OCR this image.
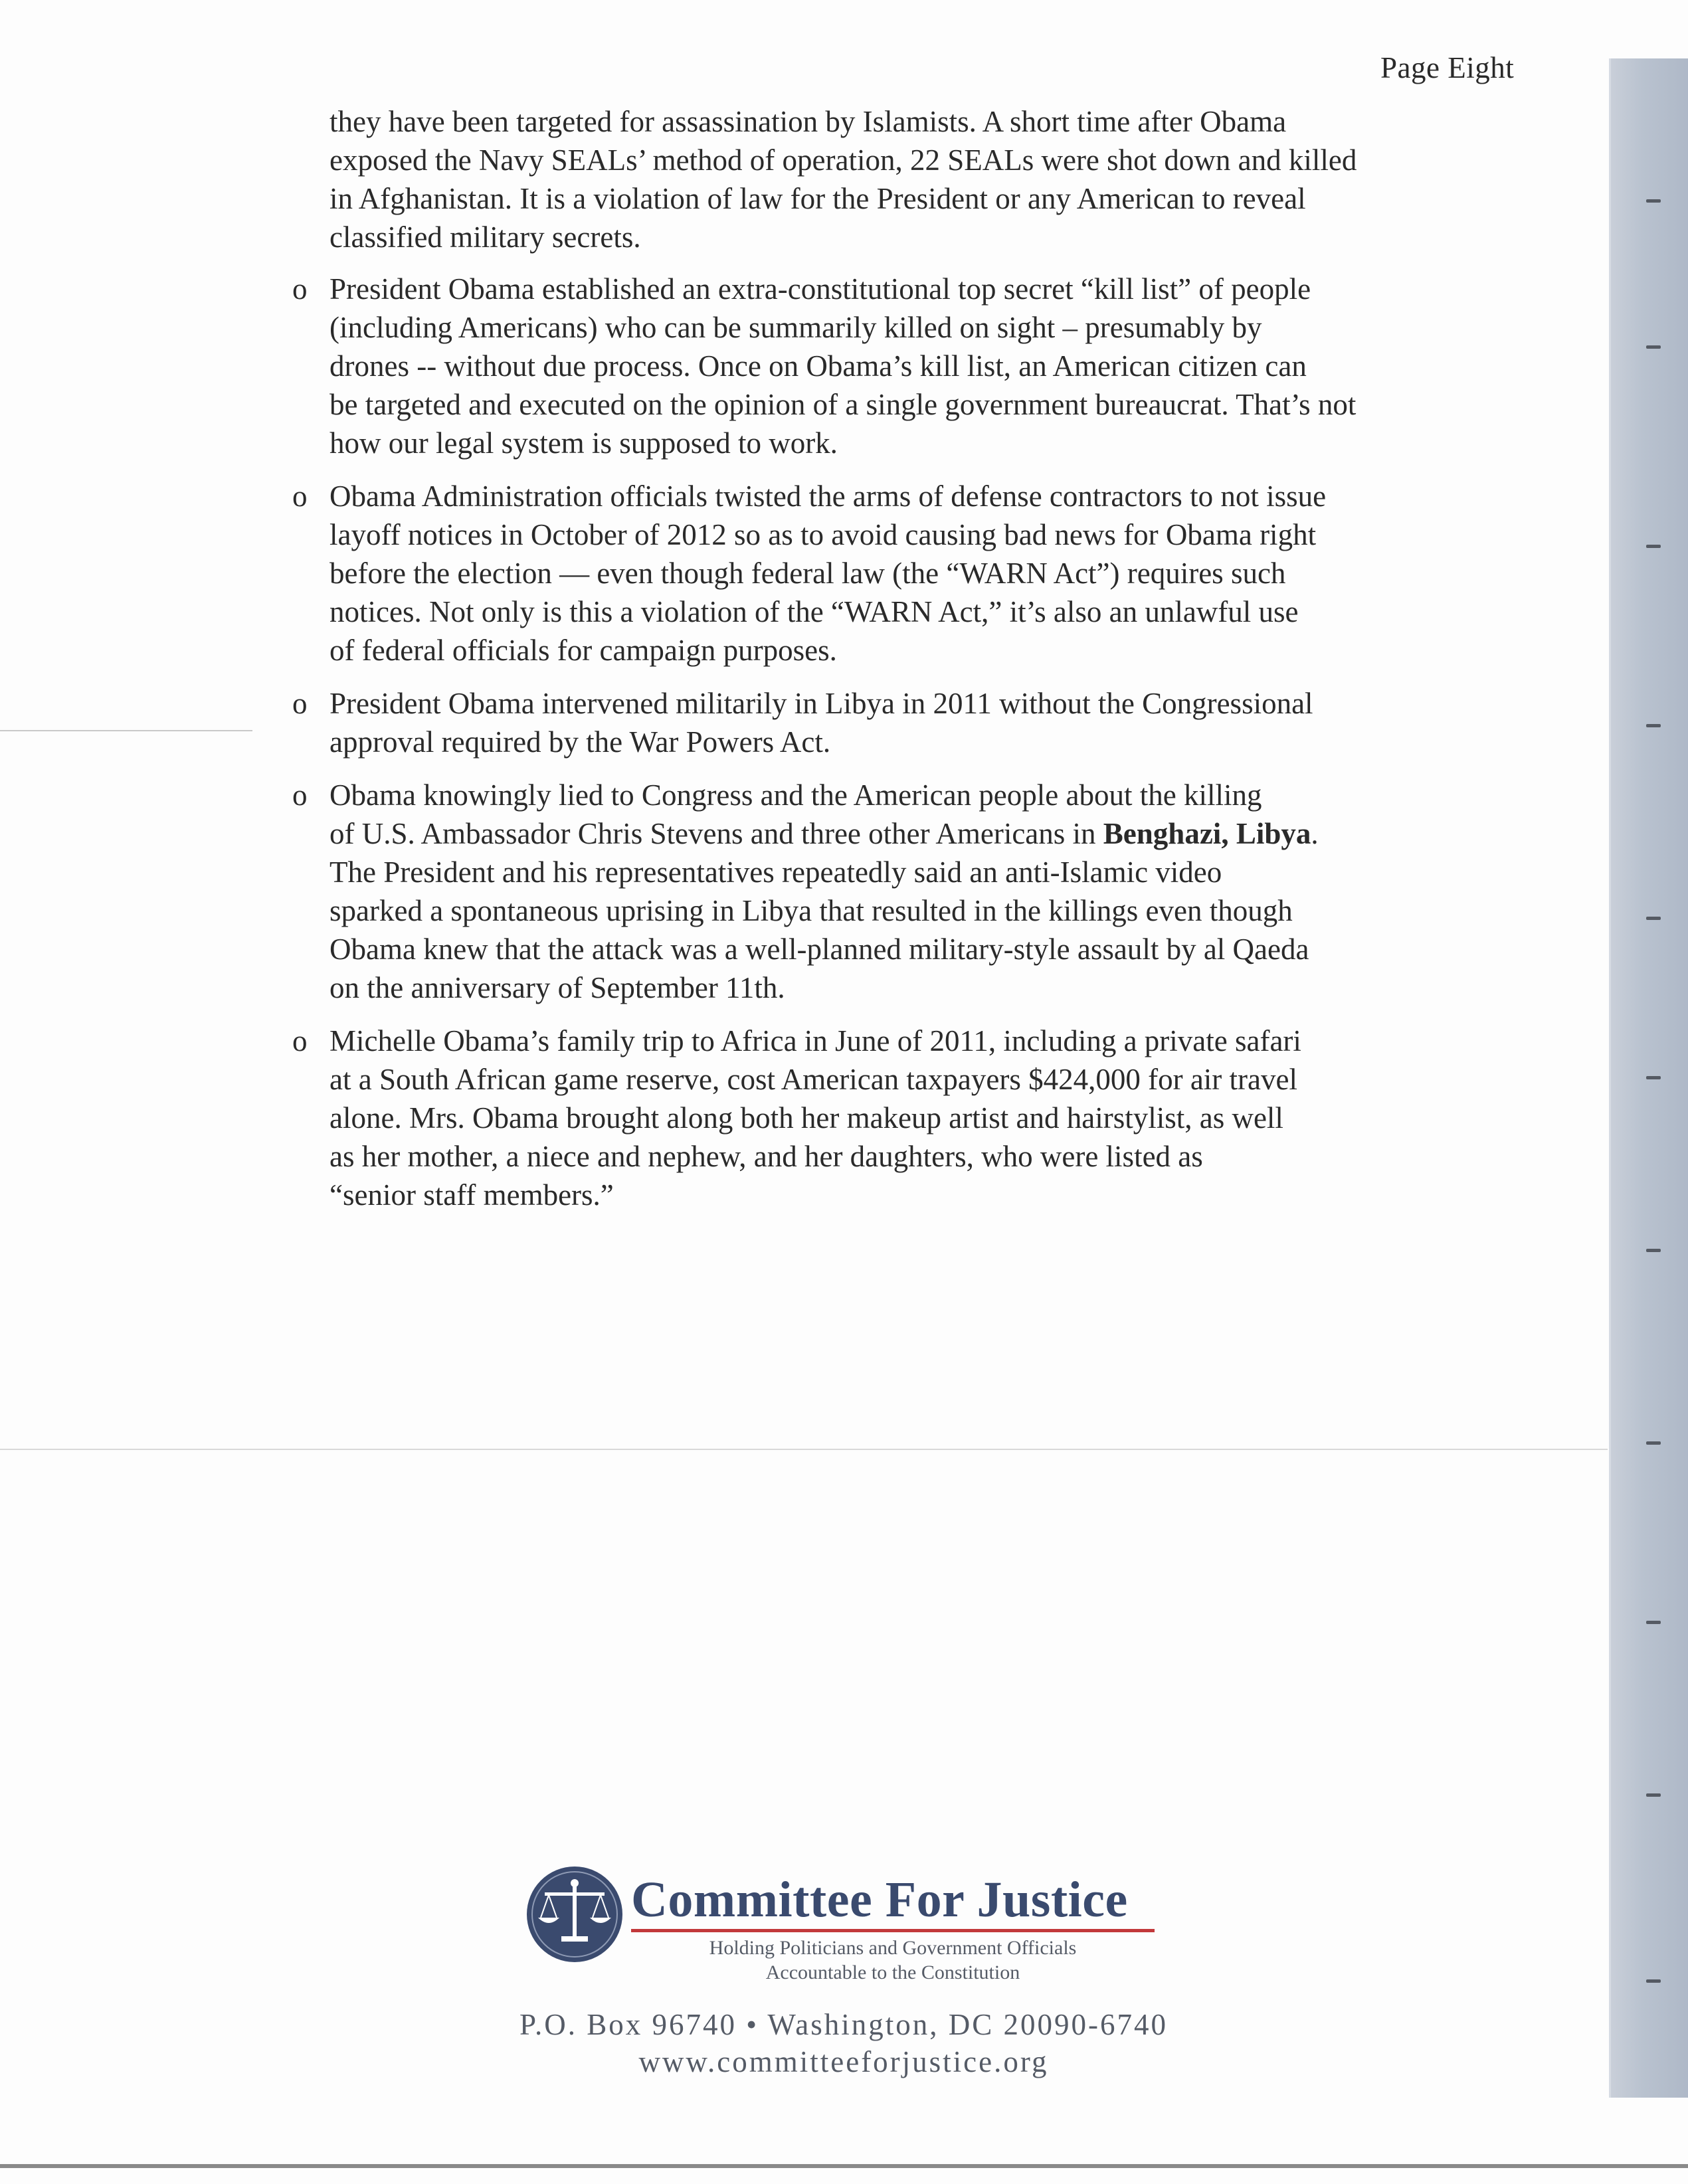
Page Eight

they have been targeted for assassination by Islamists. A short time after Obama
exposed the Navy SEALs’ method of operation, 22 SEALs were shot down and killed
in Afghanistan. It is a violation of law for the President or any American to reveal
classified military secrets.

o President Obama established an extra-constitutional top secret “kill list” of people
(including Americans) who can be summarily killed on sight – presumably by
drones -- without due process. Once on Obama’s kill list, an American citizen can
be targeted and executed on the opinion of a single government bureaucrat. That’s not
how our legal system is supposed to work.
o Obama Administration officials twisted the arms of defense contractors to not issue
layoff notices in October of 2012 so as to avoid causing bad news for Obama right
before the election — even though federal law (the “WARN Act”) requires such
notices. Not only is this a violation of the “WARN Act,” it’s also an unlawful use
of federal officials for campaign purposes.
o President Obama intervened militarily in Libya in 2011 without the Congressional
approval required by the War Powers Act.
o Obama knowingly lied to Congress and the American people about the killing
of U.S. Ambassador Chris Stevens and three other Americans in Benghazi, Libya.
The President and his representatives repeatedly said an anti-Islamic video
sparked a spontaneous uprising in Libya that resulted in the killings even though
Obama knew that the attack was a well-planned military-style assault by al Qaeda
on the anniversary of September 11th.
o Michelle Obama’s family trip to Africa in June of 2011, including a private safari
at a South African game reserve, cost American taxpayers $424,000 for air travel
alone. Mrs. Obama brought along both her makeup artist and hairstylist, as well
as her mother, a niece and nephew, and her daughters, who were listed as
“senior staff members.”
Committee For Justice
Holding Politicians and Government Officials
Accountable to the Constitution
P.O. Box 96740 • Washington, DC 20090-6740
www.committeeforjustice.org
